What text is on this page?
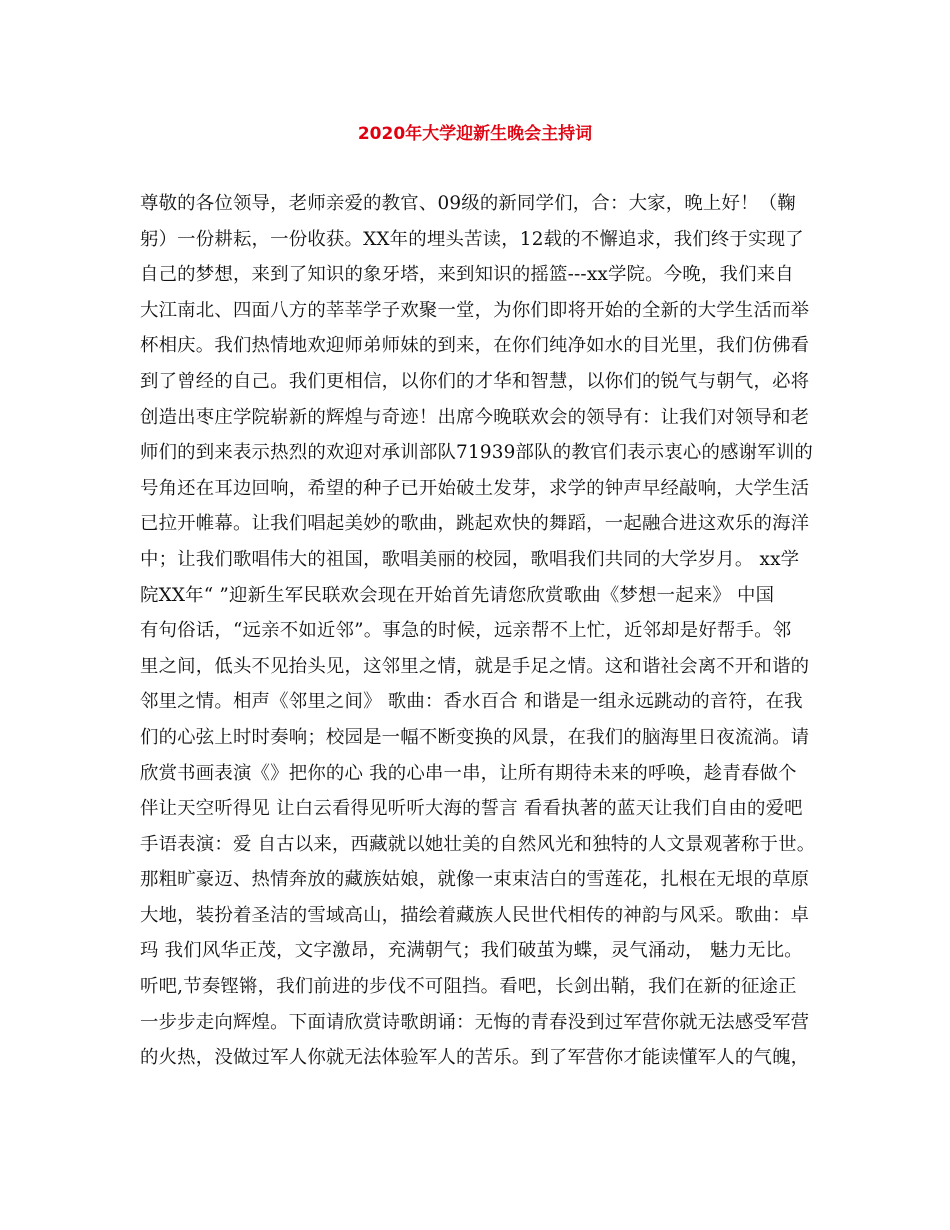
2020年大学迎新生晚会主持词
尊敬的各位领导，老师亲爱的教官、09级的新同学们，合：大家，晚上好！（鞠
躬）一份耕耘，一份收获。XX年的埋头苦读，12载的不懈追求，我们终于实现了
自己的梦想，来到了知识的象牙塔，来到知识的摇篮---xx学院。今晚，我们来自
大江南北、四面八方的莘莘学子欢聚一堂，为你们即将开始的全新的大学生活而举
杯相庆。我们热情地欢迎师弟师妹的到来，在你们纯净如水的目光里，我们仿佛看
到了曾经的自己。我们更相信，以你们的才华和智慧，以你们的锐气与朝气，必将
创造出枣庄学院崭新的辉煌与奇迹！出席今晚联欢会的领导有：让我们对领导和老
师们的到来表示热烈的欢迎对承训部队71939部队的教官们表示衷心的感谢军训的
号角还在耳边回响，希望的种子已开始破土发芽，求学的钟声早经敲响，大学生活
已拉开帷幕。让我们唱起美妙的歌曲，跳起欢快的舞蹈，一起融合进这欢乐的海洋
中；让我们歌唱伟大的祖国，歌唱美丽的校园，歌唱我们共同的大学岁月。 xx学
院XX年“ ”迎新生军民联欢会现在开始首先请您欣赏歌曲《梦想一起来》 中国
有句俗话，“远亲不如近邻”。事急的时候，远亲帮不上忙，近邻却是好帮手。邻
里之间，低头不见抬头见，这邻里之情，就是手足之情。这和谐社会离不开和谐的
邻里之情。相声《邻里之间》 歌曲：香水百合 和谐是一组永远跳动的音符，在我
们的心弦上时时奏响；校园是一幅不断变换的风景，在我们的脑海里日夜流淌。请
欣赏书画表演《》把你的心 我的心串一串，让所有期待未来的呼唤，趁青春做个
伴让天空听得见 让白云看得见听听大海的誓言 看看执著的蓝天让我们自由的爱吧
手语表演：爱 自古以来，西藏就以她壮美的自然风光和独特的人文景观著称于世。
那粗旷豪迈、热情奔放的藏族姑娘，就像一束束洁白的雪莲花，扎根在无垠的草原
大地，装扮着圣洁的雪域高山，描绘着藏族人民世代相传的神韵与风采。歌曲：卓
玛 我们风华正茂，文字激昂，充满朝气；我们破茧为蝶，灵气涌动， 魅力无比。
听吧,节奏铿锵，我们前进的步伐不可阻挡。看吧，长剑出鞘，我们在新的征途正
一步步走向辉煌。下面请欣赏诗歌朗诵：无悔的青春没到过军营你就无法感受军营
的火热，没做过军人你就无法体验军人的苦乐。到了军营你才能读懂军人的气魄，
